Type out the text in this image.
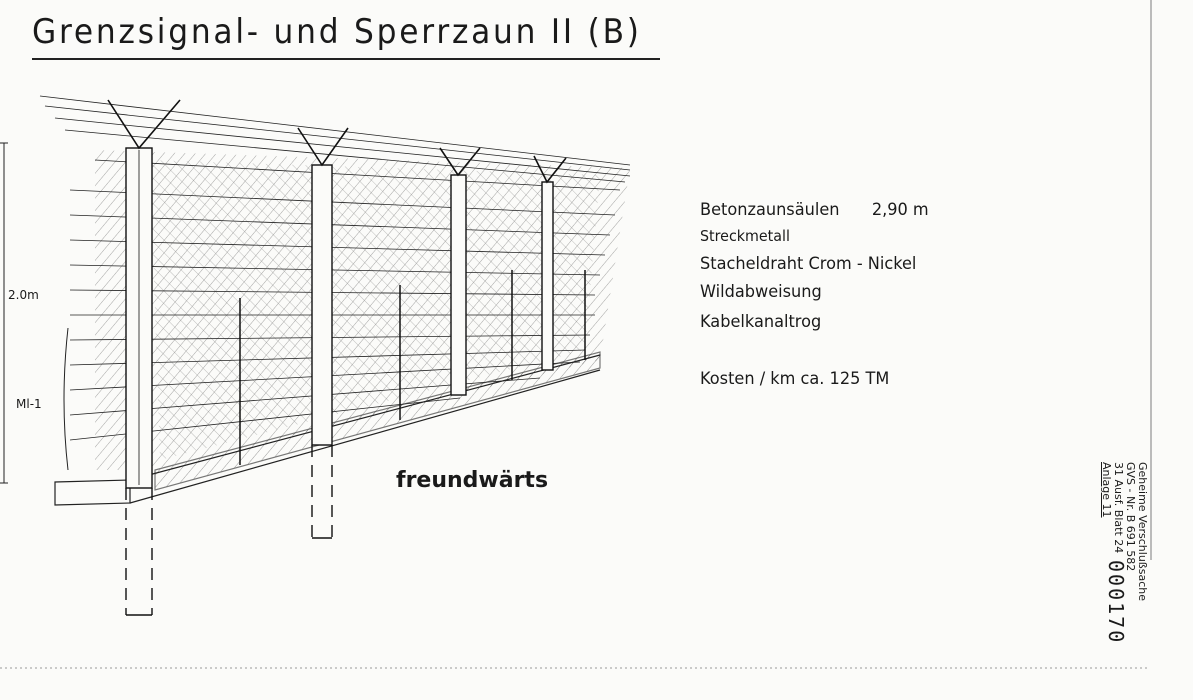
Grenzsignal- und Sperrzaun II (B)
2.0m
Ml-1
Betonzaunsäulen 2,90 m
Streckmetall
Stacheldraht Crom - Nickel
Wildabweisung
Kabelkanaltrog
Kosten / km ca. 125 TM
freundwärts	Geheime Verschlußsache
GVS - Nr. B 691 582
31 Ausf. Blatt 24
Anlage 11
000170
